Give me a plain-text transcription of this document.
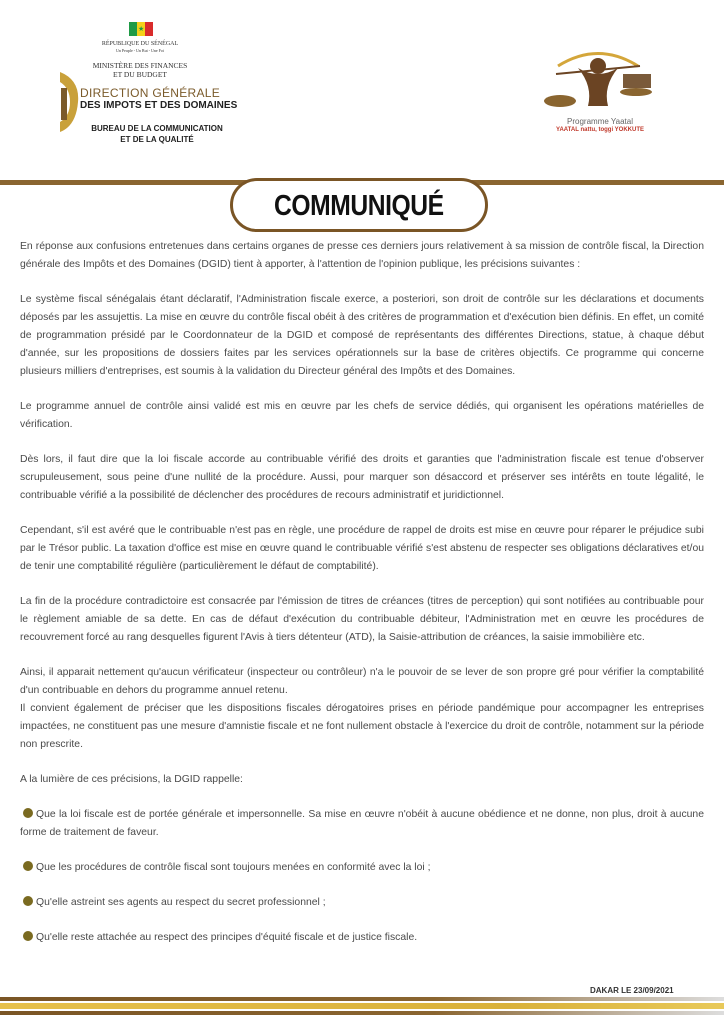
★
RÉPUBLIQUE DU SÉNÉGAL
Un Peuple - Un But - Une Foi
MINISTÈRE DES FINANCES
ET DU BUDGET
DIRECTION GÉNÉRALE
DES IMPOTS ET DES DOMAINES
BUREAU DE LA COMMUNICATION
ET DE LA QUALITÉ
Programme Yaatal
YAATAL nattu, toggi YOKKUTE
COMMUNIQUÉ

En réponse aux confusions entretenues dans certains organes de presse ces derniers jours relativement à sa mission de contrôle fiscal, la Direction générale des Impôts et des Domaines (DGID) tient à apporter, à l'attention de l'opinion publique, les précisions suivantes :

Le système fiscal sénégalais étant déclaratif, l'Administration fiscale exerce, a posteriori, son droit de contrôle sur les déclarations et documents déposés par les assujettis. La mise en œuvre du contrôle fiscal obéit à des critères de programmation et d'exécution bien définis. En effet, un comité de programmation présidé par le Coordonnateur de la DGID et composé de représentants des différentes Directions, statue, à chaque début d'année, sur les propositions de dossiers faites par les services opérationnels sur la base de critères objectifs. Ce programme qui concerne plusieurs milliers d'entreprises, est soumis à la validation du Directeur général des Impôts et des Domaines.

Le programme annuel de contrôle ainsi validé est mis en œuvre par les chefs de service dédiés, qui organisent les opérations matérielles de vérification.

Dès lors, il faut dire que la loi fiscale accorde au contribuable vérifié des droits et garanties que l'administration fiscale est tenue d'observer scrupuleusement, sous peine d'une nullité de la procédure. Aussi, pour marquer son désaccord et préserver ses intérêts en toute légalité, le contribuable vérifié a la possibilité de déclencher des procédures de recours administratif et juridictionnel.

Cependant, s'il est avéré que le contribuable n'est pas en règle, une procédure de rappel de droits est mise en œuvre pour réparer le préjudice subi par le Trésor public. La taxation d'office est mise en œuvre quand le contribuable vérifié s'est abstenu de respecter ses obligations déclaratives et/ou de tenir une comptabilité régulière (particulièrement le défaut de comptabilité).

La fin de la procédure contradictoire est consacrée par l'émission de titres de créances (titres de perception) qui sont notifiées au contribuable pour le règlement amiable de sa dette. En cas de défaut d'exécution du contribuable débiteur, l'Administration met en œuvre les procédures de recouvrement forcé au rang desquelles figurent l'Avis à tiers détenteur (ATD), la Saisie-attribution de créances, la saisie immobilière etc.

Ainsi, il apparait nettement qu'aucun vérificateur (inspecteur ou contrôleur) n'a le pouvoir de se lever de son propre gré pour vérifier la comptabilité d'un contribuable en dehors du programme annuel retenu.
Il convient également de préciser que les dispositions fiscales dérogatoires prises en période pandémique pour accompagner les entreprises impactées, ne constituent pas une mesure d'amnistie fiscale et ne font nullement obstacle à l'exercice du droit de contrôle, notamment sur la période non prescrite.

A la lumière de ces précisions, la DGID rappelle:

Que la loi fiscale est de portée générale et impersonnelle. Sa mise en œuvre n'obéit à aucune obédience et ne donne, non plus, droit à aucune forme de traitement de faveur.

Que les procédures de contrôle fiscal sont toujours menées en conformité avec la loi ;

Qu'elle astreint ses agents au respect du secret professionnel ;

Qu'elle reste attachée au respect des principes d'équité fiscale et de justice fiscale.

DAKAR LE 23/09/2021
